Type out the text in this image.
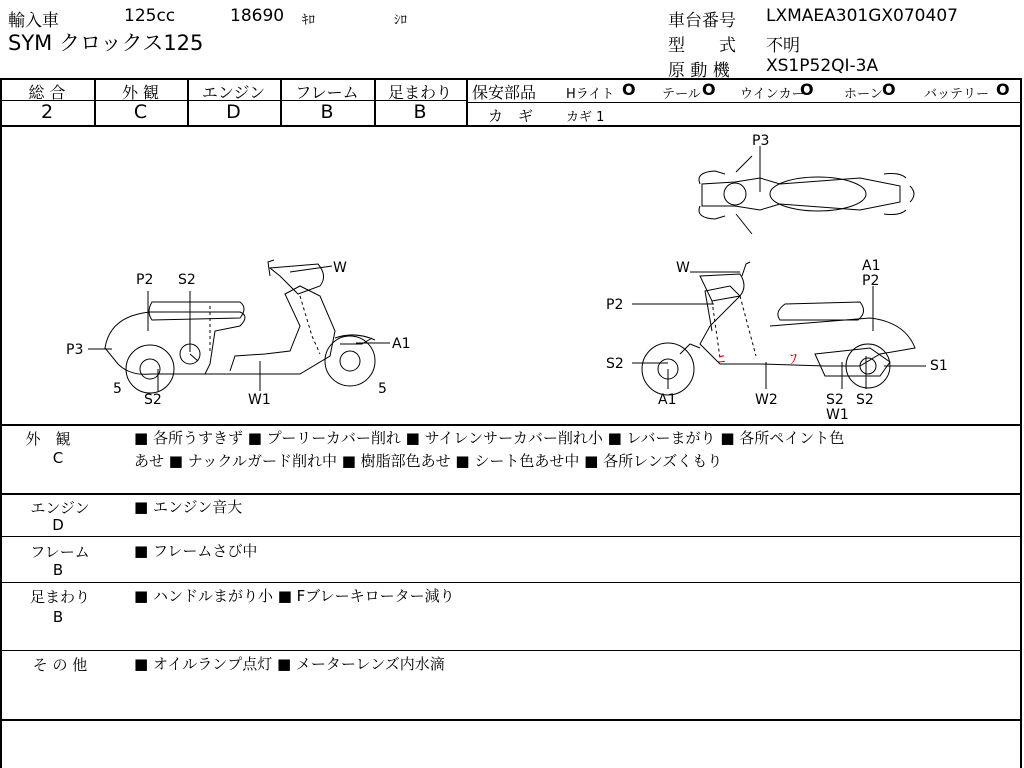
輸入車	125cc	18690 ｷﾛ	ｼﾛ
SYM クロックス125
車台番号 LXMAEA301GX070407
型　　式 不明
原 動 機 XS1P52QI-3A
総 合	外 観	エンジン	フレーム	足まわり
2	C	D	B	B
保安部品 Hライト O テール O ウインカー
O ホーン O バッテリー O
カ　ギ	カギ 1
ﾆ	ﾌ
P2 S2
W
P3	A1
5
S2	W1
5
W	A1
P2
P2
S2	S1
A1	W2	S2 S2
W1
P3
外　観
C
■ 各所うすきず ■ プーリーカバー削れ ■ サイレンサーカバー削れ小 ■ レバーまがり ■ 各所ペイント色
あせ ■ ナックルガード削れ中 ■ 樹脂部色あせ ■ シート色あせ中 ■ 各所レンズくもり
エンジン
D
■ エンジン音大
フレーム
B
■ フレームさび中
足まわり
B
■ ハンドルまがり小 ■ Fブレーキローター減り
そ の 他	■ オイルランプ点灯 ■ メーターレンズ内水滴
